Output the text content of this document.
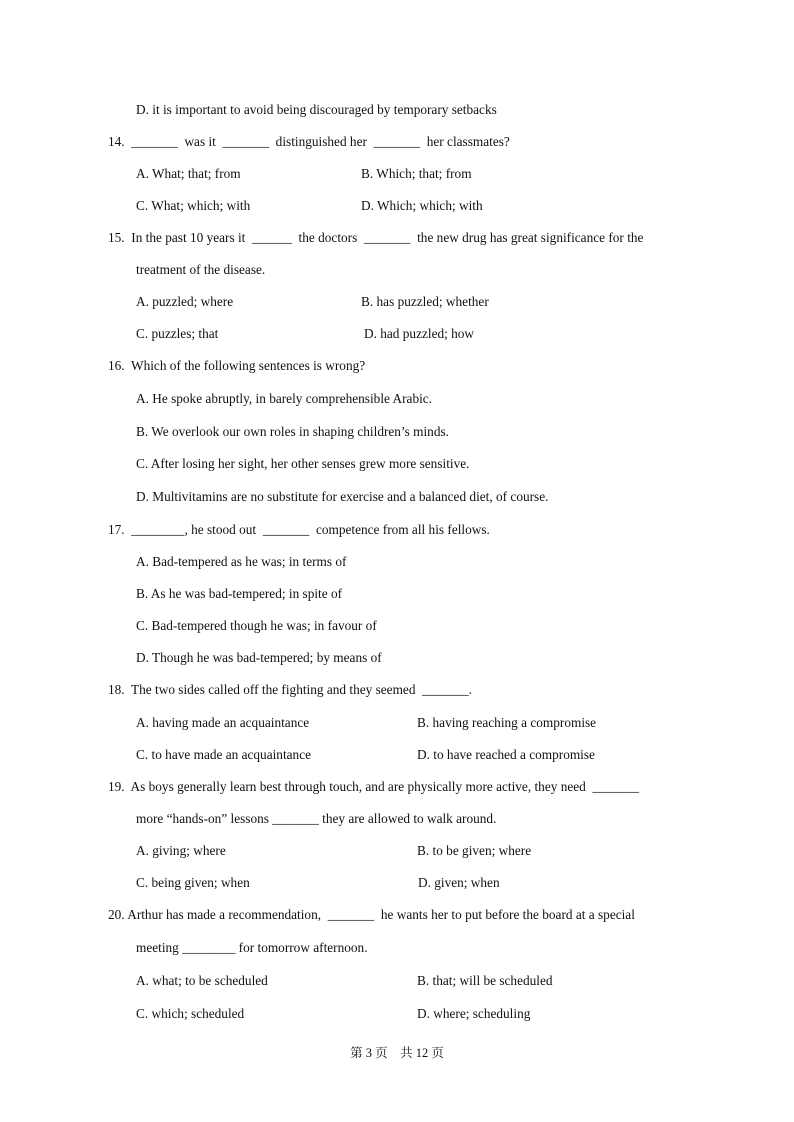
D. it is important to avoid being discouraged by temporary setbacks
14.  _______  was it  _______  distinguished her  _______  her classmates?
A. What; that; from	B. Which; that; from
C. What; which; with	D. Which; which; with
15.  In the past 10 years it  ______  the doctors  _______  the new drug has great significance for the
treatment of the disease.
A. puzzled; where	B. has puzzled; whether
C. puzzles; that	D. had puzzled; how
16.  Which of the following sentences is wrong?
A. He spoke abruptly, in barely comprehensible Arabic.
B. We overlook our own roles in shaping children’s minds.
C. After losing her sight, her other senses grew more sensitive.
D. Multivitamins are no substitute for exercise and a balanced diet, of course.
17.  ________, he stood out  _______  competence from all his fellows.
A. Bad-tempered as he was; in terms of
B. As he was bad-tempered; in spite of
C. Bad-tempered though he was; in favour of
D. Though he was bad-tempered; by means of
18.  The two sides called off the fighting and they seemed  _______.
A. having made an acquaintance	B. having reaching a compromise
C. to have made an acquaintance	D. to have reached a compromise
19.  As boys generally learn best through touch, and are physically more active, they need  _______
more “hands-on” lessons _______ they are allowed to walk around.
A. giving; where	B. to be given; where
C. being given; when	D. given; when
20. Arthur has made a recommendation,  _______  he wants her to put before the board at a special
meeting ________ for tomorrow afternoon.
A. what; to be scheduled	B. that; will be scheduled
C. which; scheduled	D. where; scheduling
第 3 页    共 12 页
